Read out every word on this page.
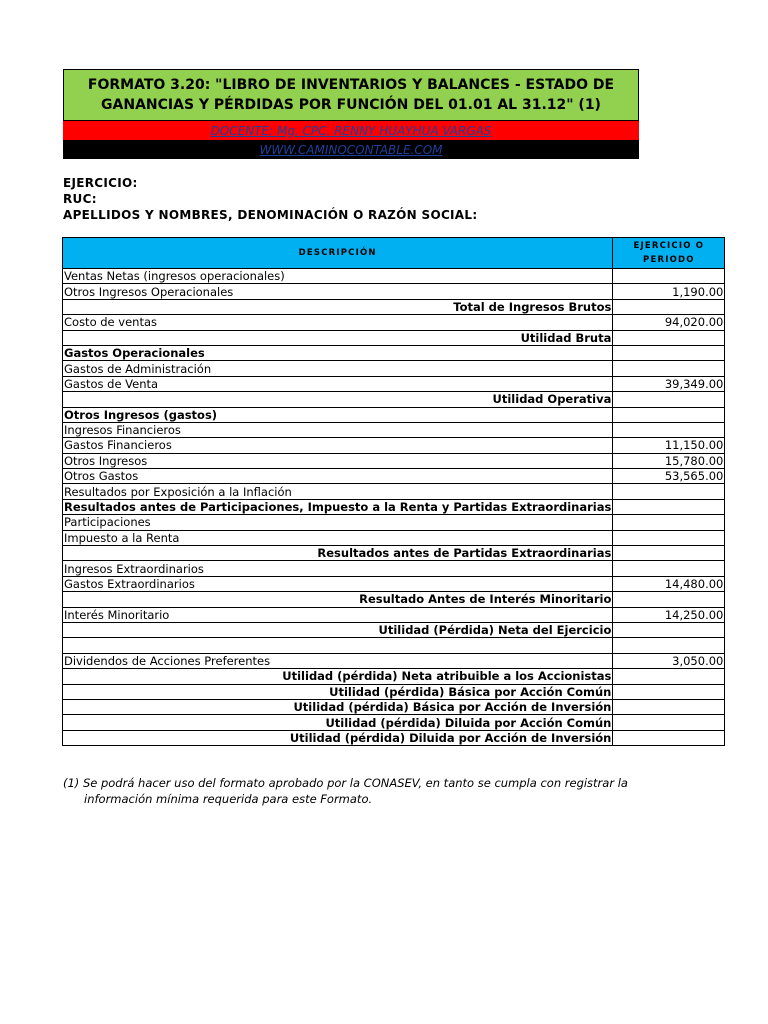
FORMATO 3.20: "LIBRO DE INVENTARIOS Y BALANCES - ESTADO DE GANANCIAS Y PÉRDIDAS POR FUNCIÓN DEL 01.01 AL 31.12" (1)
DOCENTE: Mg. CPC. RENNY HUAYHUA VARGAS
WWW.CAMINOCONTABLE.COM
EJERCICIO:
RUC:
APELLIDOS Y NOMBRES, DENOMINACIÓN O RAZÓN SOCIAL:
DESCRIPCIÓN	EJERCICIO O
PERIODO
Ventas Netas (ingresos operacionales)	
Otros Ingresos Operacionales	1,190.00
Total de Ingresos Brutos	
Costo de ventas	94,020.00
Utilidad Bruta	
Gastos Operacionales	
Gastos de Administración	
Gastos de Venta	39,349.00
Utilidad Operativa	
Otros Ingresos (gastos)	
Ingresos Financieros	
Gastos Financieros	11,150.00
Otros Ingresos	15,780.00
Otros Gastos	53,565.00
Resultados por Exposición a la Inflación	
Resultados antes de Participaciones, Impuesto a la Renta y Partidas Extraordinarias	
Participaciones	
Impuesto a la Renta	
Resultados antes de Partidas Extraordinarias	
Ingresos Extraordinarios	
Gastos Extraordinarios	14,480.00
Resultado Antes de Interés Minoritario	
Interés Minoritario	14,250.00
Utilidad (Pérdida) Neta del Ejercicio	

Dividendos de Acciones Preferentes	3,050.00
Utilidad (pérdida) Neta atribuible a los Accionistas	
Utilidad (pérdida) Básica por Acción Común	
Utilidad (pérdida) Básica por Acción de Inversión	
Utilidad (pérdida) Diluida por Acción Común	
Utilidad (pérdida) Diluida por Acción de Inversión	
(1) Se podrá hacer uso del formato aprobado por la CONASEV, en tanto se cumpla con registrar la
información mínima requerida para este Formato.
